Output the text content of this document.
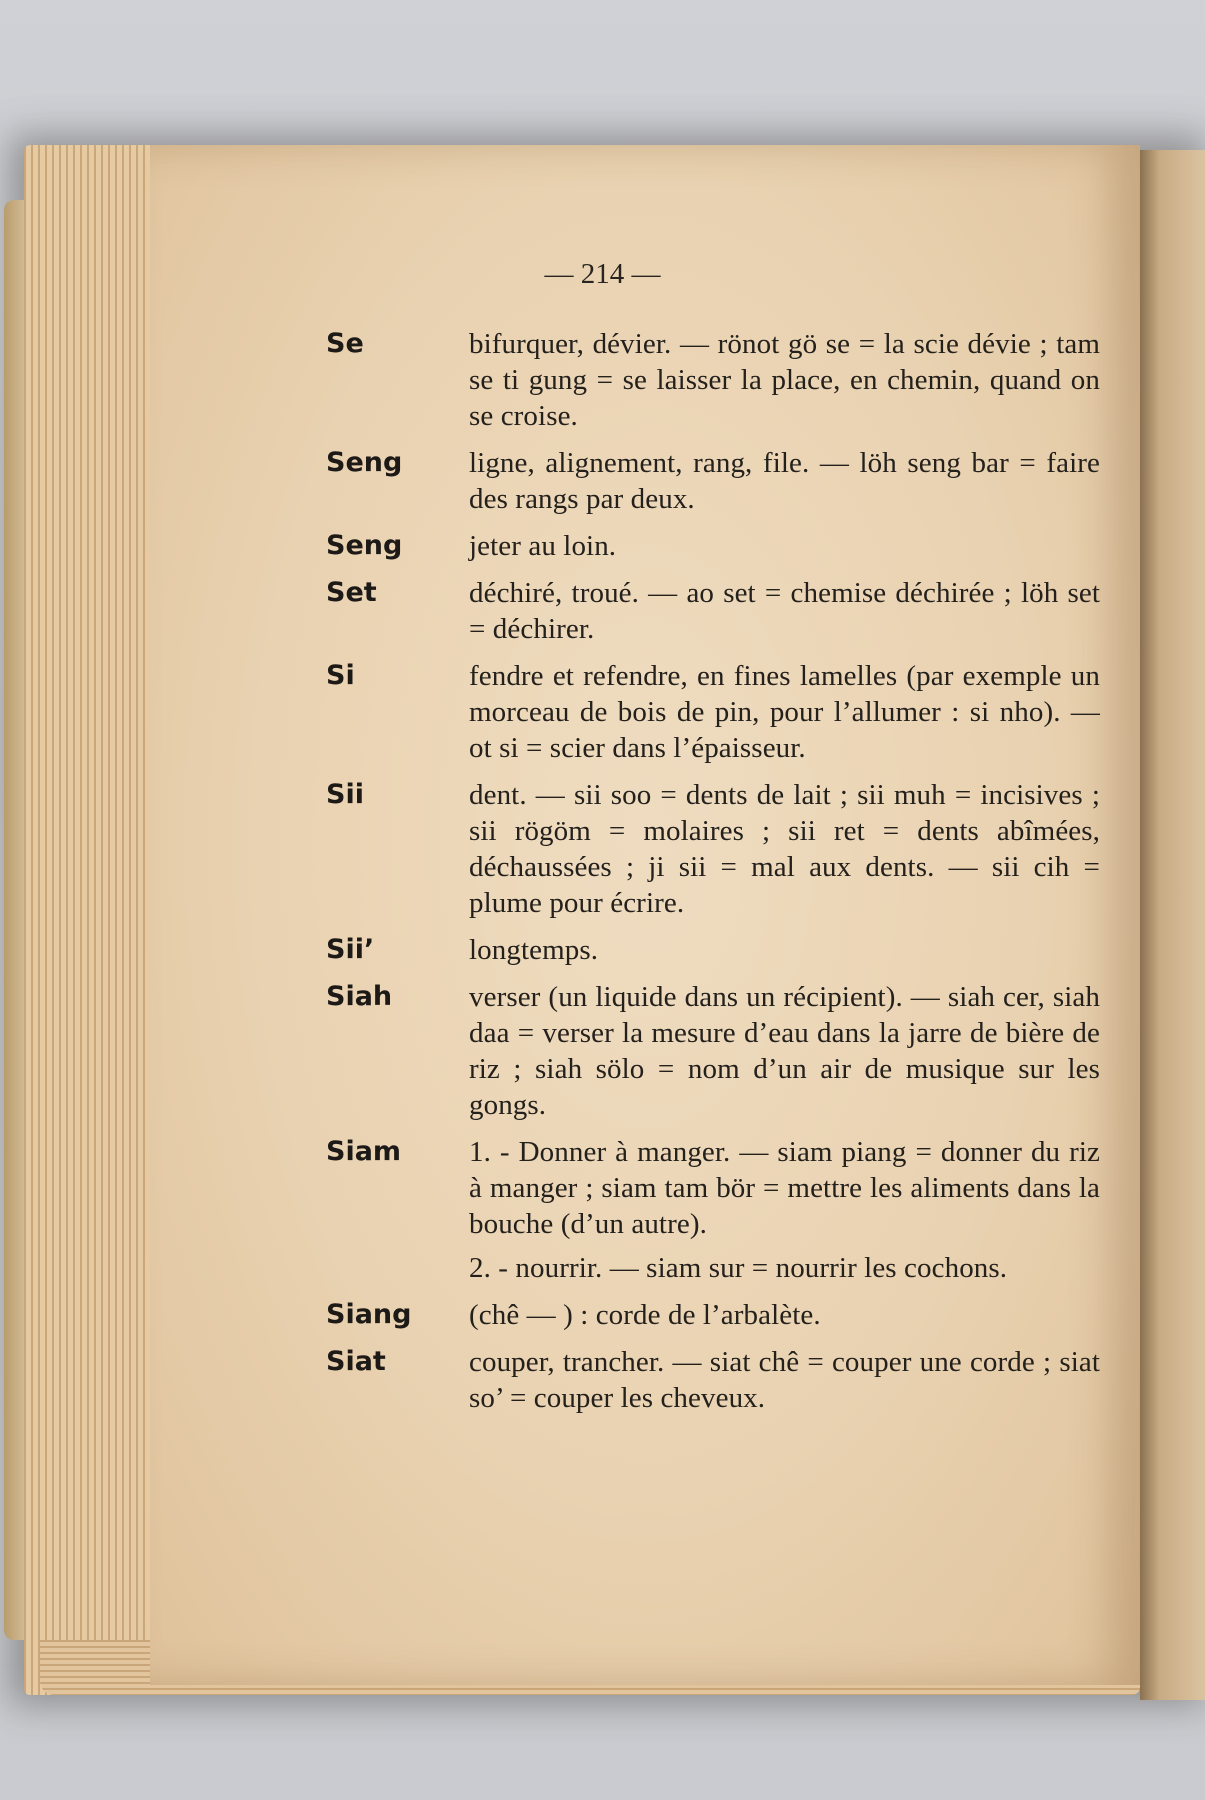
— 214 —
Se	bifurquer, dévier. — rönot gö se = la scie dévie ; tam se ti gung = se laisser la place, en chemin, quand on se croise.
Seng	ligne, alignement, rang, file. — löh seng bar = faire des rangs par deux.
Seng	jeter au loin.
Set	déchiré, troué. — ao set = chemise déchirée ; löh set = déchirer.
Si	fendre et refendre, en fines lamelles (par exemple un morceau de bois de pin, pour l’allumer : si nho). — ot si = scier dans l’épaisseur.
Sii	dent. — sii soo = dents de lait ; sii muh = incisives ; sii rögöm = molaires ; sii ret = dents abîmées, déchaussées ; ji sii = mal aux dents. — sii cih = plume pour écrire.
Sii’	longtemps.
Siah	verser (un liquide dans un récipient). — siah cer, siah daa = verser la mesure d’eau dans la jarre de bière de riz ; siah sölo = nom d’un air de musique sur les gongs.
Siam	1. - Donner à manger. — siam piang = donner du riz à manger ; siam tam bör = mettre les aliments dans la bouche (d’un autre).
2. - nourrir. — siam sur = nourrir les cochons.
Siang	(chê — ) : corde de l’arbalète.
Siat	couper, trancher. — siat chê = couper une corde ; siat so’ = couper les cheveux.
